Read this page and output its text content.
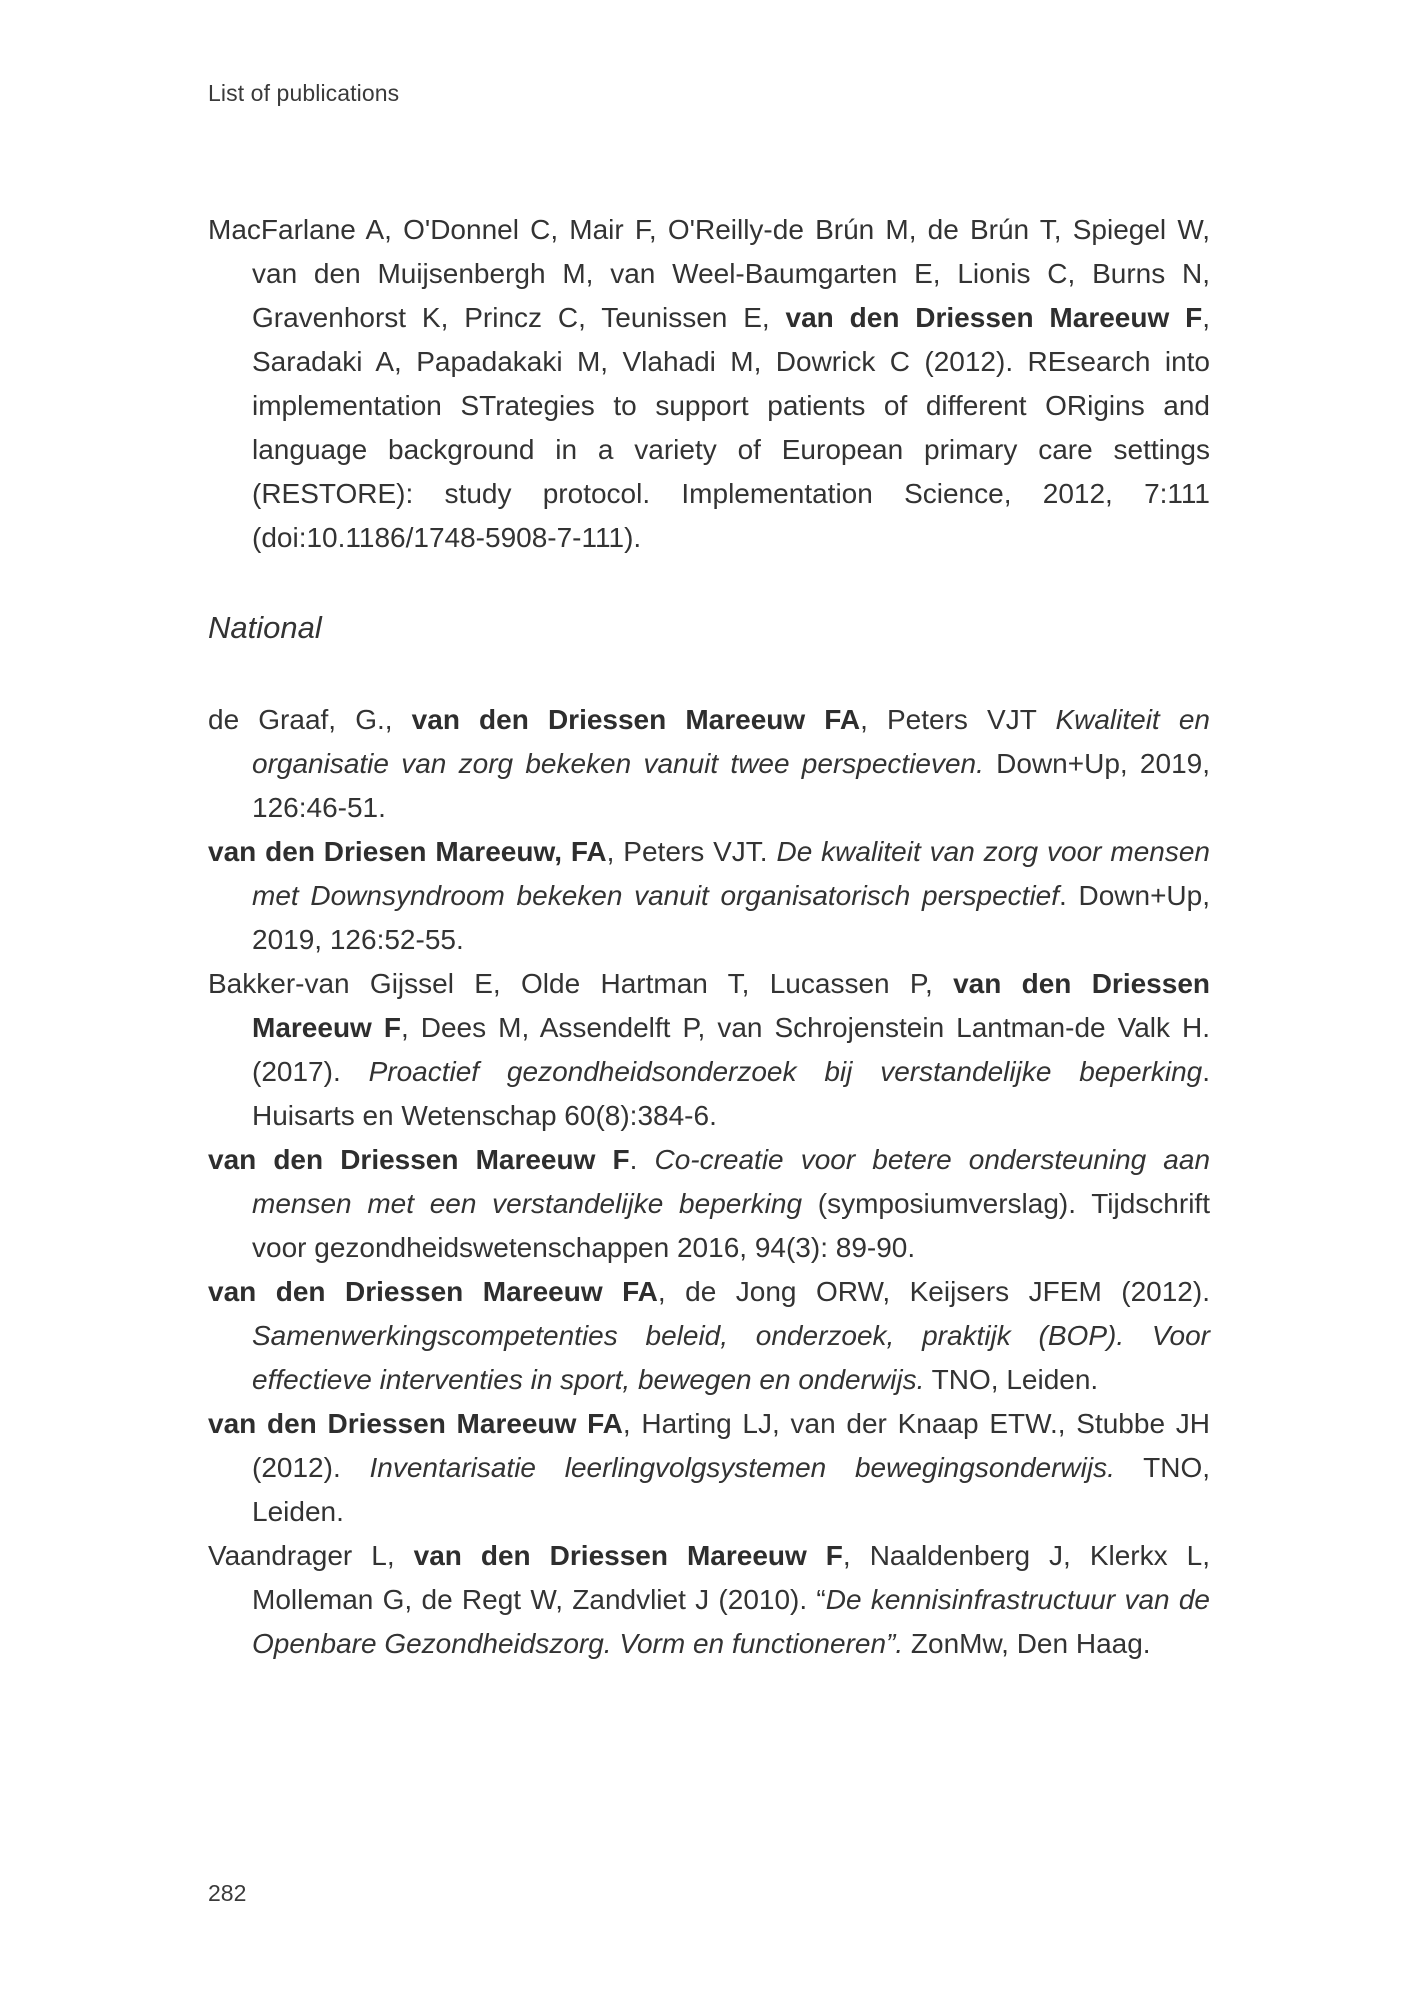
List of publications

MacFarlane A, O'Donnel C, Mair F, O'Reilly-de Brún M, de Brún T, Spiegel W, van den Muijsenbergh M, van Weel-Baumgarten E, Lionis C, Burns N, Gravenhorst K, Princz C, Teunissen E, van den Driessen Mareeuw F, Saradaki A, Papadakaki M, Vlahadi M, Dowrick C (2012). REsearch into implementation STrategies to support patients of different ORigins and language background in a variety of European primary care settings (RESTORE): study protocol. Implementation Science, 2012, 7:111 (doi:10.1186/1748-5908-7-111).

National

de Graaf, G., van den Driessen Mareeuw FA, Peters VJT Kwaliteit en organisatie van zorg bekeken vanuit twee perspectieven. Down+Up, 2019, 126:46-51.

van den Driesen Mareeuw, FA, Peters VJT. De kwaliteit van zorg voor mensen met Downsyndroom bekeken vanuit organisatorisch perspectief. Down+Up, 2019, 126:52-55.

Bakker-van Gijssel E, Olde Hartman T, Lucassen P, van den Driessen Mareeuw F, Dees M, Assendelft P, van Schrojenstein Lantman-de Valk H. (2017). Proactief gezondheidsonderzoek bij verstandelijke beperking. Huisarts en Wetenschap 60(8):384-6.

van den Driessen Mareeuw F. Co-creatie voor betere ondersteuning aan mensen met een verstandelijke beperking (symposiumverslag). Tijdschrift voor gezondheidswetenschappen 2016, 94(3): 89-90.

van den Driessen Mareeuw FA, de Jong ORW, Keijsers JFEM (2012). Samenwerkingscompetenties beleid, onderzoek, praktijk (BOP). Voor effectieve interventies in sport, bewegen en onderwijs. TNO, Leiden.

van den Driessen Mareeuw FA, Harting LJ, van der Knaap ETW., Stubbe JH (2012). Inventarisatie leerlingvolgsystemen bewegingsonderwijs. TNO, Leiden.

Vaandrager L, van den Driessen Mareeuw F, Naaldenberg J, Klerkx L, Molleman G, de Regt W, Zandvliet J (2010). “De kennisinfrastructuur van de Openbare Gezondheidszorg. Vorm en functioneren”. ZonMw, Den Haag.

282
